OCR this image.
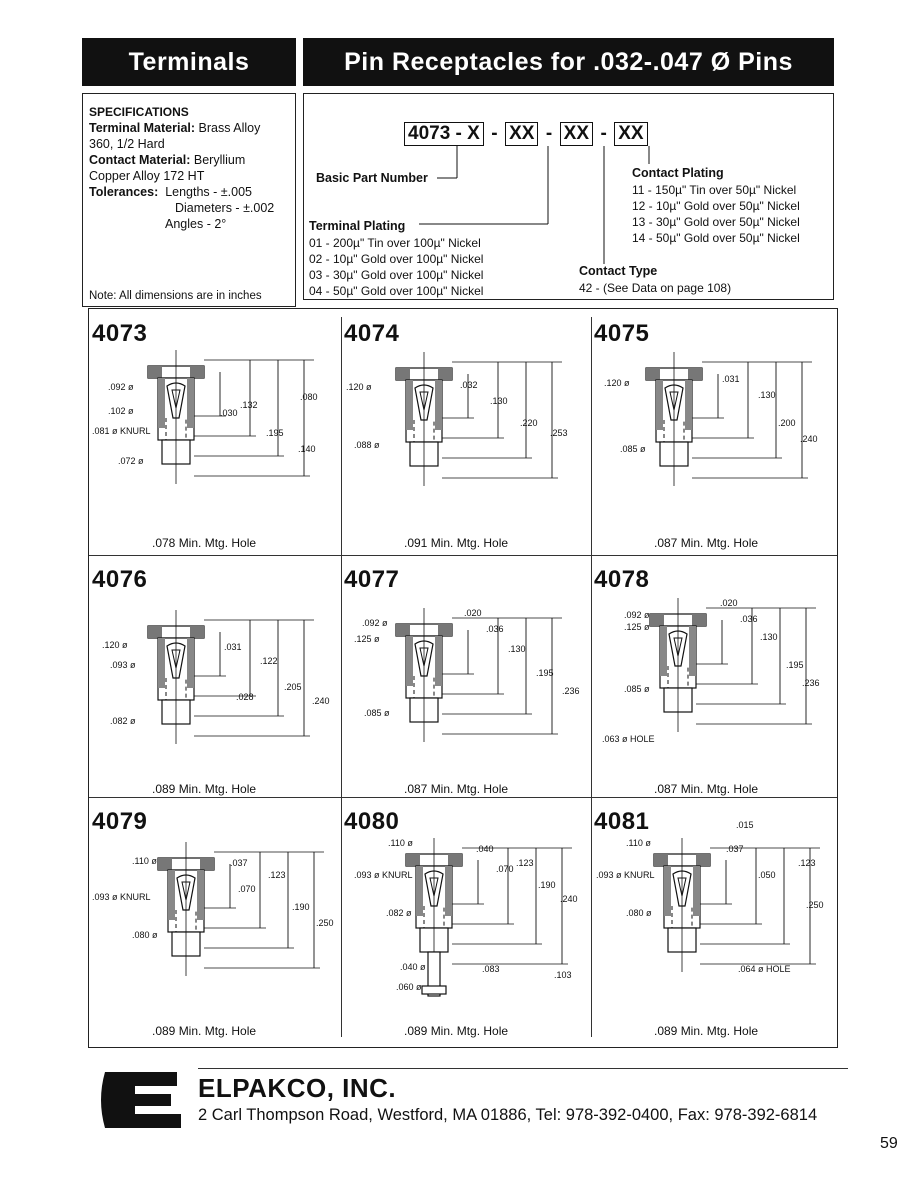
Terminals	Pin Receptacles for .032-.047 Ø Pins
SPECIFICATIONS
Terminal Material: Brass Alloy
360, 1/2 Hard
Contact Material: Beryllium
Copper Alloy 172 HT
Tolerances: Lengths - ±.005
Diameters - ±.002
Angles - 2°
Note: All dimensions are in inches
4073 - X - XX - XX - XX
Basic Part Number
Terminal Plating
01 - 200µ" Tin over 100µ" Nickel
02 - 10µ" Gold over 100µ" Nickel
03 - 30µ" Gold over 100µ" Nickel
04 - 50µ" Gold over 100µ" Nickel
Contact Plating
11 - 150µ" Tin over 50µ" Nickel
12 - 10µ" Gold over 50µ" Nickel
13 - 30µ" Gold over 50µ" Nickel
14 - 50µ" Gold over 50µ" Nickel
Contact Type
42 - (See Data on page 108)
4073
.092 ø
.102 ø
.081 ø KNURL
.072 ø
.030
.132
.080
.195
.140
.078 Min. Mtg. Hole
4074
.120 ø
.088 ø
.032
.130
.220
.253
.091 Min. Mtg. Hole
4075
.120 ø
.085 ø
.031
.130
.200
.240
.087 Min. Mtg. Hole
4076
.120 ø
.093 ø
.082 ø
.031
.122
.028
.205
.240
.089 Min. Mtg. Hole
4077
.092 ø
.125 ø
.085 ø
.020
.036
.130
.195
.236
.087 Min. Mtg. Hole
4078
.092 ø
.125 ø
.085 ø
.063 ø HOLE
.020
.036
.130
.195
.236
.087 Min. Mtg. Hole
4079
.110 ø
.093 ø KNURL
.080 ø
.037
.123
.070
.190
.250
.089 Min. Mtg. Hole
4080
.110 ø
.093 ø KNURL
.082 ø
.040 ø
.060 ø
.040
.070
.123
.190
.240
.083
.103
.089 Min. Mtg. Hole
4081
.110 ø
.093 ø KNURL
.080 ø
.015
.037
.123
.050
.250
.064 ø HOLE
.089 Min. Mtg. Hole
ELPAKCO, INC.
2 Carl Thompson Road, Westford, MA 01886, Tel: 978-392-0400, Fax: 978-392-6814
59
